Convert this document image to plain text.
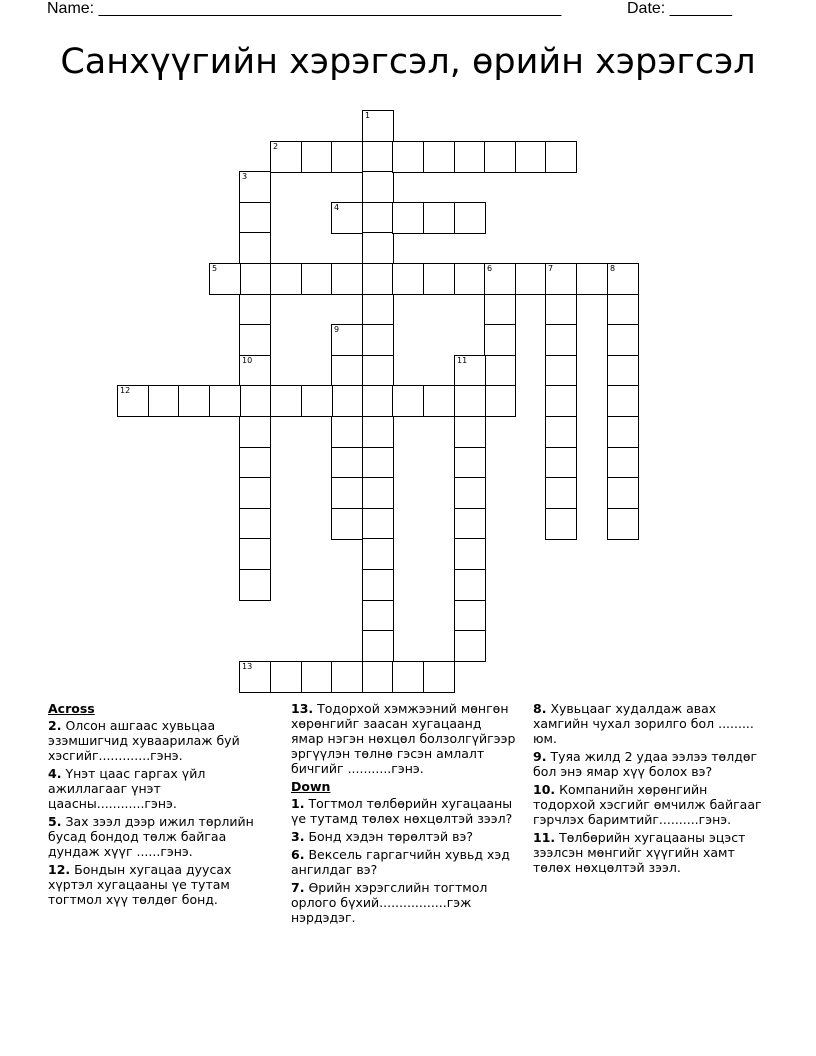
Name: ____________________________________________________	Date: _______
Санхүүгийн хэрэгсэл, өрийн хэрэгсэл
1
2
3
4
5	6	7	8
9
10	11
12
13
Across
2. Олсон ашгаас хувьцаа эзэмшигчид хуваарилаж буй хэсгийг.............гэнэ.
4. Үнэт цаас гаргах үйл ажиллагааг үнэт цаасны............гэнэ.
5. Зах зээл дээр ижил төрлийн бусад бондод төлж байгаа дундаж хүүг ......гэнэ.
12. Бондын хугацаа дуусах хүртэл хугацааны үе тутам тогтмол хүү төлдөг бонд.
13. Тодорхой хэмжээний мөнгөн хөрөнгийг заасан хугацаанд ямар нэгэн нөхцөл болзолгүйгээр эргүүлэн төлнө гэсэн амлалт бичгийг ...........гэнэ.
Down
1. Тогтмол төлбөрийн хугацааны үе тутамд төлөх нөхцөлтэй зээл?
3. Бонд хэдэн төрөлтэй вэ?
6. Вексель гаргагчийн хувьд хэд ангилдаг вэ?
7. Өрийн хэрэгслийн тогтмол орлого бүхий.................гэж нэрдэдэг.
8. Хувьцааг худалдаж авах хамгийн чухал зорилго бол ......... юм.
9. Туяа жилд 2 удаа ээлээ төлдөг бол энэ ямар хүү болох вэ?
10. Компанийн хөрөнгийн тодорхой хэсгийг өмчилж байгааг гэрчлэх баримтийг..........гэнэ.
11. Төлбөрийн хугацааны эцэст зээлсэн мөнгийг хүүгийн хамт төлөх нөхцөлтэй зээл.
